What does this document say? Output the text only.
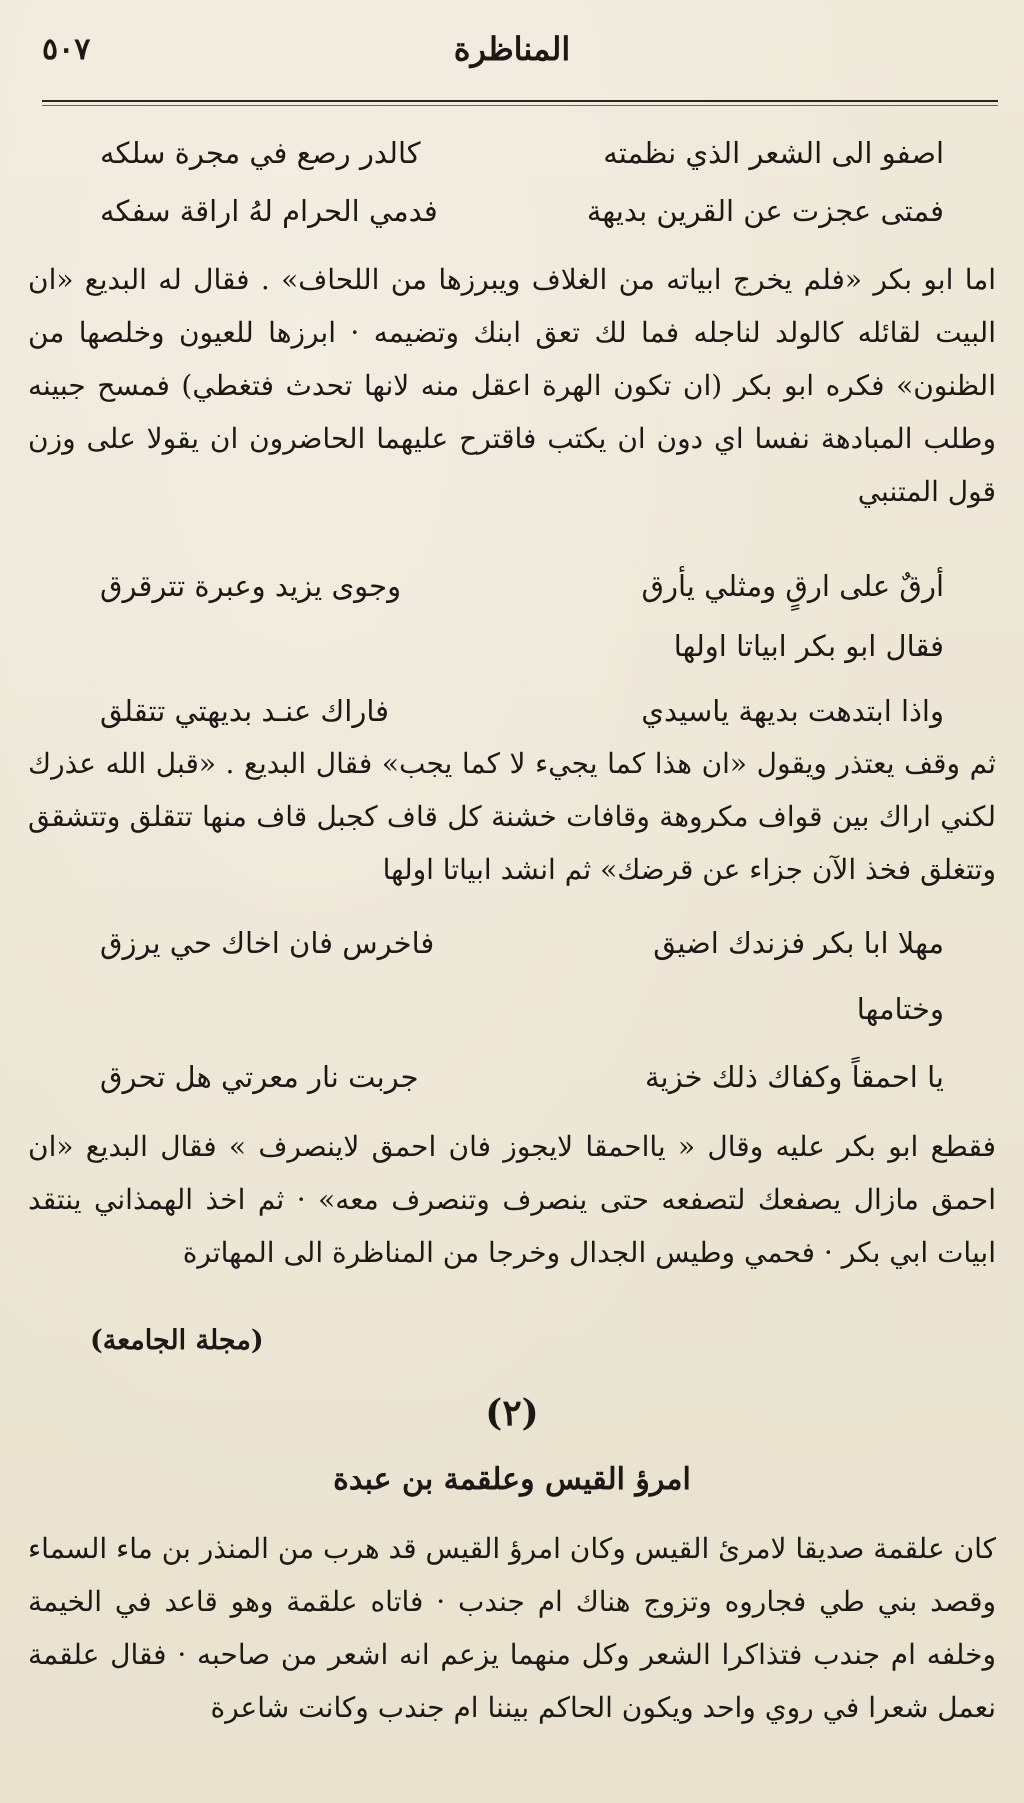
٥٠٧	المناظرة
اصفو الى الشعر الذي نظمته
كالدر رصع في مجرة سلكه
فمتى عجزت عن القرين بديهة
فدمي الحرام لهُ اراقة سفكه
اما ابو بكر «فلم يخرج ابياته من الغلاف ويبرزها من اللحاف» . فقال له البديع «ان البيت لقائله كالولد لناجله فما لك تعق ابنك وتضيمه · ابرزها للعيون وخلصها من الظنون» فكره ابو بكر (ان تكون الهرة اعقل منه لانها تحدث فتغطي) فمسح جبينه وطلب المبادهة نفسا اي دون ان يكتب فاقترح عليهما الحاضرون ان يقولا على وزن قول المتنبي
أرقٌ على ارقٍ ومثلي يأرق
وجوى يزيد وعبرة تترقرق
فقال ابو بكر ابياتا اولها
واذا ابتدهت بديهة ياسيدي
فاراك عنـد بديهتي تتقلق
ثم وقف يعتذر ويقول «ان هذا كما يجيء لا كما يجب» فقال البديع . «قبل الله عذرك لكني اراك بين قواف مكروهة وقافات خشنة كل قاف كجبل قاف منها تتقلق وتتشقق وتتغلق فخذ الآن جزاء عن قرضك» ثم انشد ابياتا اولها
مهلا ابا بكر فزندك اضيق
فاخرس فان اخاك حي يرزق
وختامها
يا احمقاً وكفاك ذلك خزية
جربت نار معرتي هل تحرق
فقطع ابو بكر عليه وقال « يااحمقا لايجوز فان احمق لاينصرف » فقال البديع «ان احمق مازال يصفعك لتصفعه حتى ينصرف وتنصرف معه» · ثم اخذ الهمذاني ينتقد ابيات ابي بكر · فحمي وطيس الجدال وخرجا من المناظرة الى المهاترة
(مجلة الجامعة)
(٢)
امرؤ القيس وعلقمة بن عبدة
كان علقمة صديقا لامرئ القيس وكان امرؤ القيس قد هرب من المنذر بن ماء السماء وقصد بني طي فجاروه وتزوج هناك ام جندب · فاتاه علقمة وهو قاعد في الخيمة وخلفه ام جندب فتذاكرا الشعر وكل منهما يزعم انه اشعر من صاحبه · فقال علقمة نعمل شعرا في روي واحد ويكون الحاكم بيننا ام جندب وكانت شاعرة
